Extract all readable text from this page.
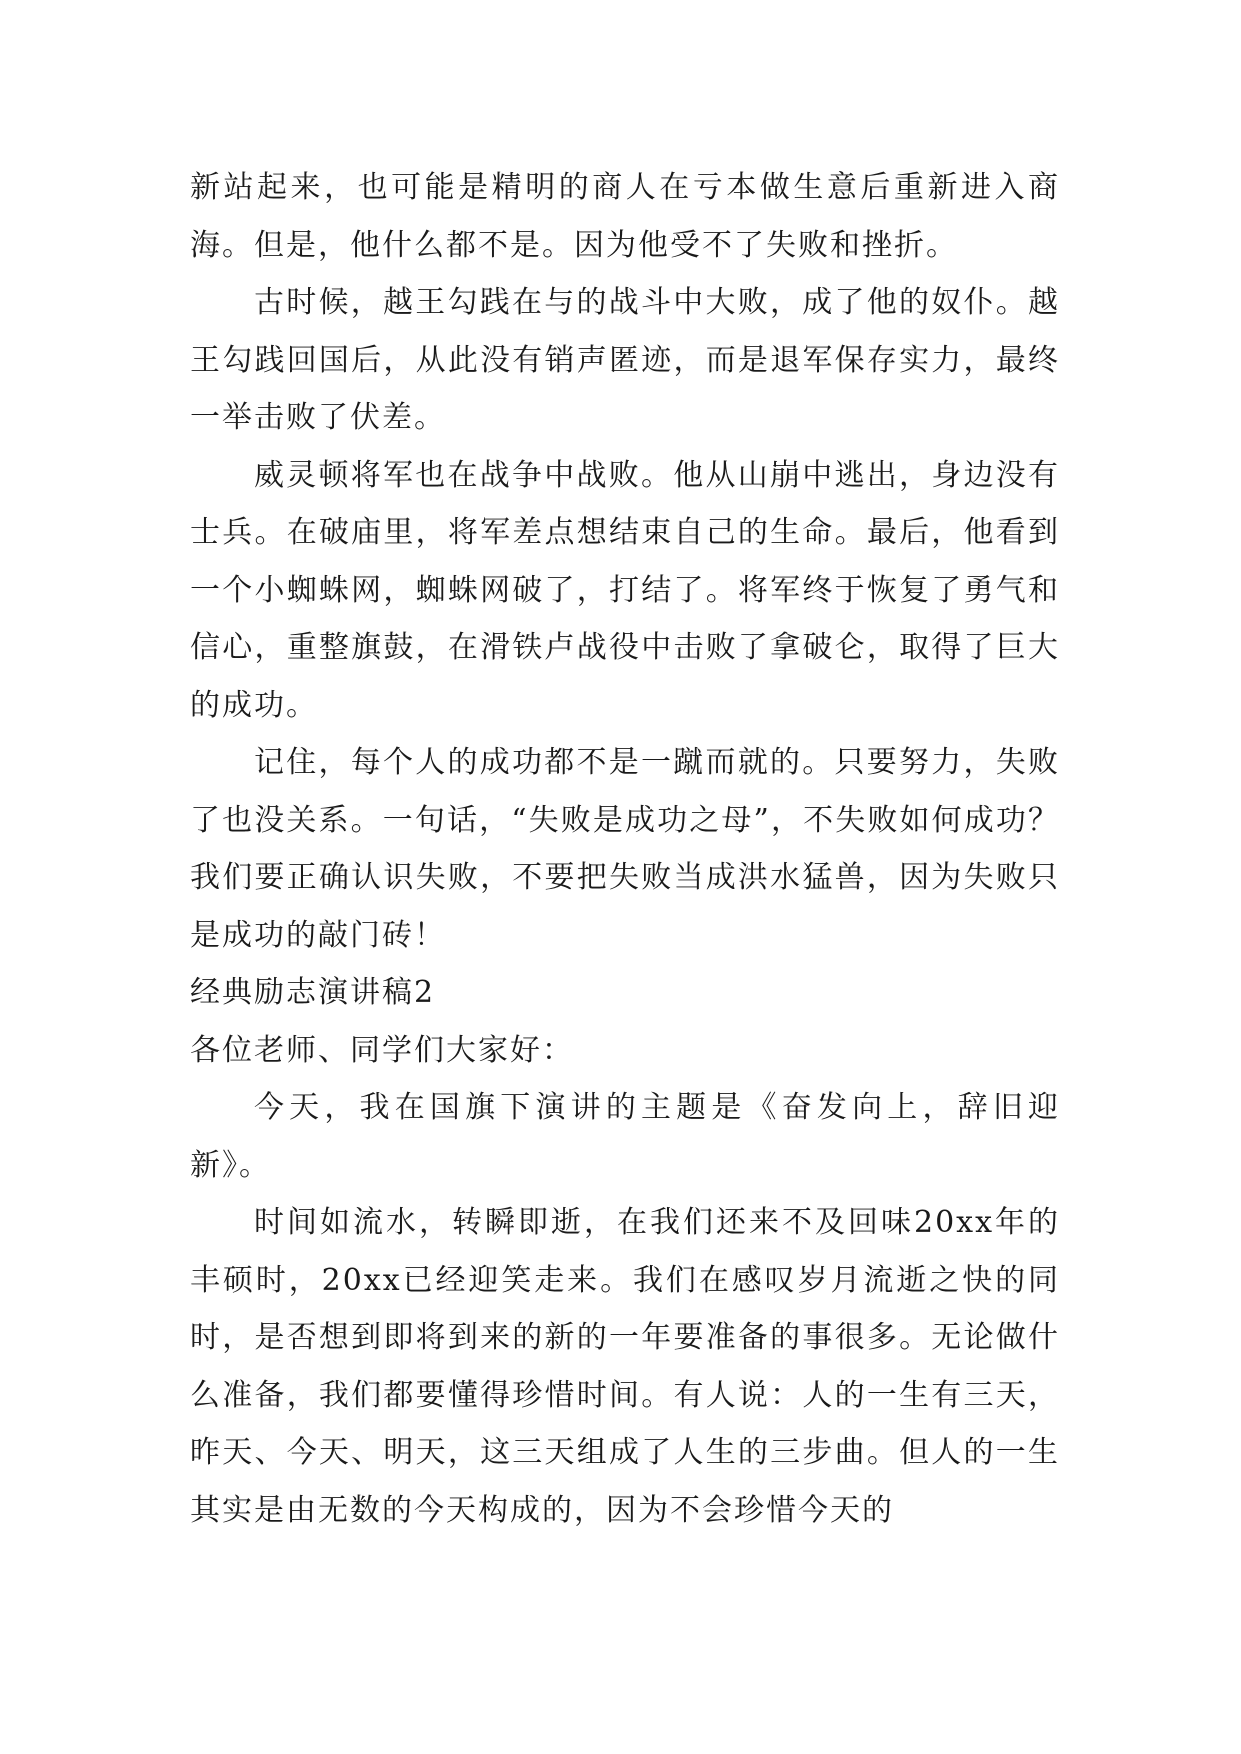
新站起来，也可能是精明的商人在亏本做生意后重新进入商海。但是，他什么都不是。因为他受不了失败和挫折。

古时候，越王勾践在与的战斗中大败，成了他的奴仆。越王勾践回国后，从此没有销声匿迹，而是退军保存实力，最终一举击败了伏差。

威灵顿将军也在战争中战败。他从山崩中逃出，身边没有士兵。在破庙里，将军差点想结束自己的生命。最后，他看到一个小蜘蛛网，蜘蛛网破了，打结了。将军终于恢复了勇气和信心，重整旗鼓，在滑铁卢战役中击败了拿破仑，取得了巨大的成功。

记住，每个人的成功都不是一蹴而就的。只要努力，失败了也没关系。一句话，“失败是成功之母”，不失败如何成功？我们要正确认识失败，不要把失败当成洪水猛兽，因为失败只是成功的敲门砖！

经典励志演讲稿2

各位老师、同学们大家好：

今天，我在国旗下演讲的主题是《奋发向上，辞旧迎新》。

时间如流水，转瞬即逝，在我们还来不及回味20xx年的丰硕时，20xx已经迎笑走来。我们在感叹岁月流逝之快的同时，是否想到即将到来的新的一年要准备的事很多。无论做什么准备，我们都要懂得珍惜时间。有人说：人的一生有三天，昨天、今天、明天，这三天组成了人生的三步曲。但人的一生其实是由无数的今天构成的，因为不会珍惜今天的
